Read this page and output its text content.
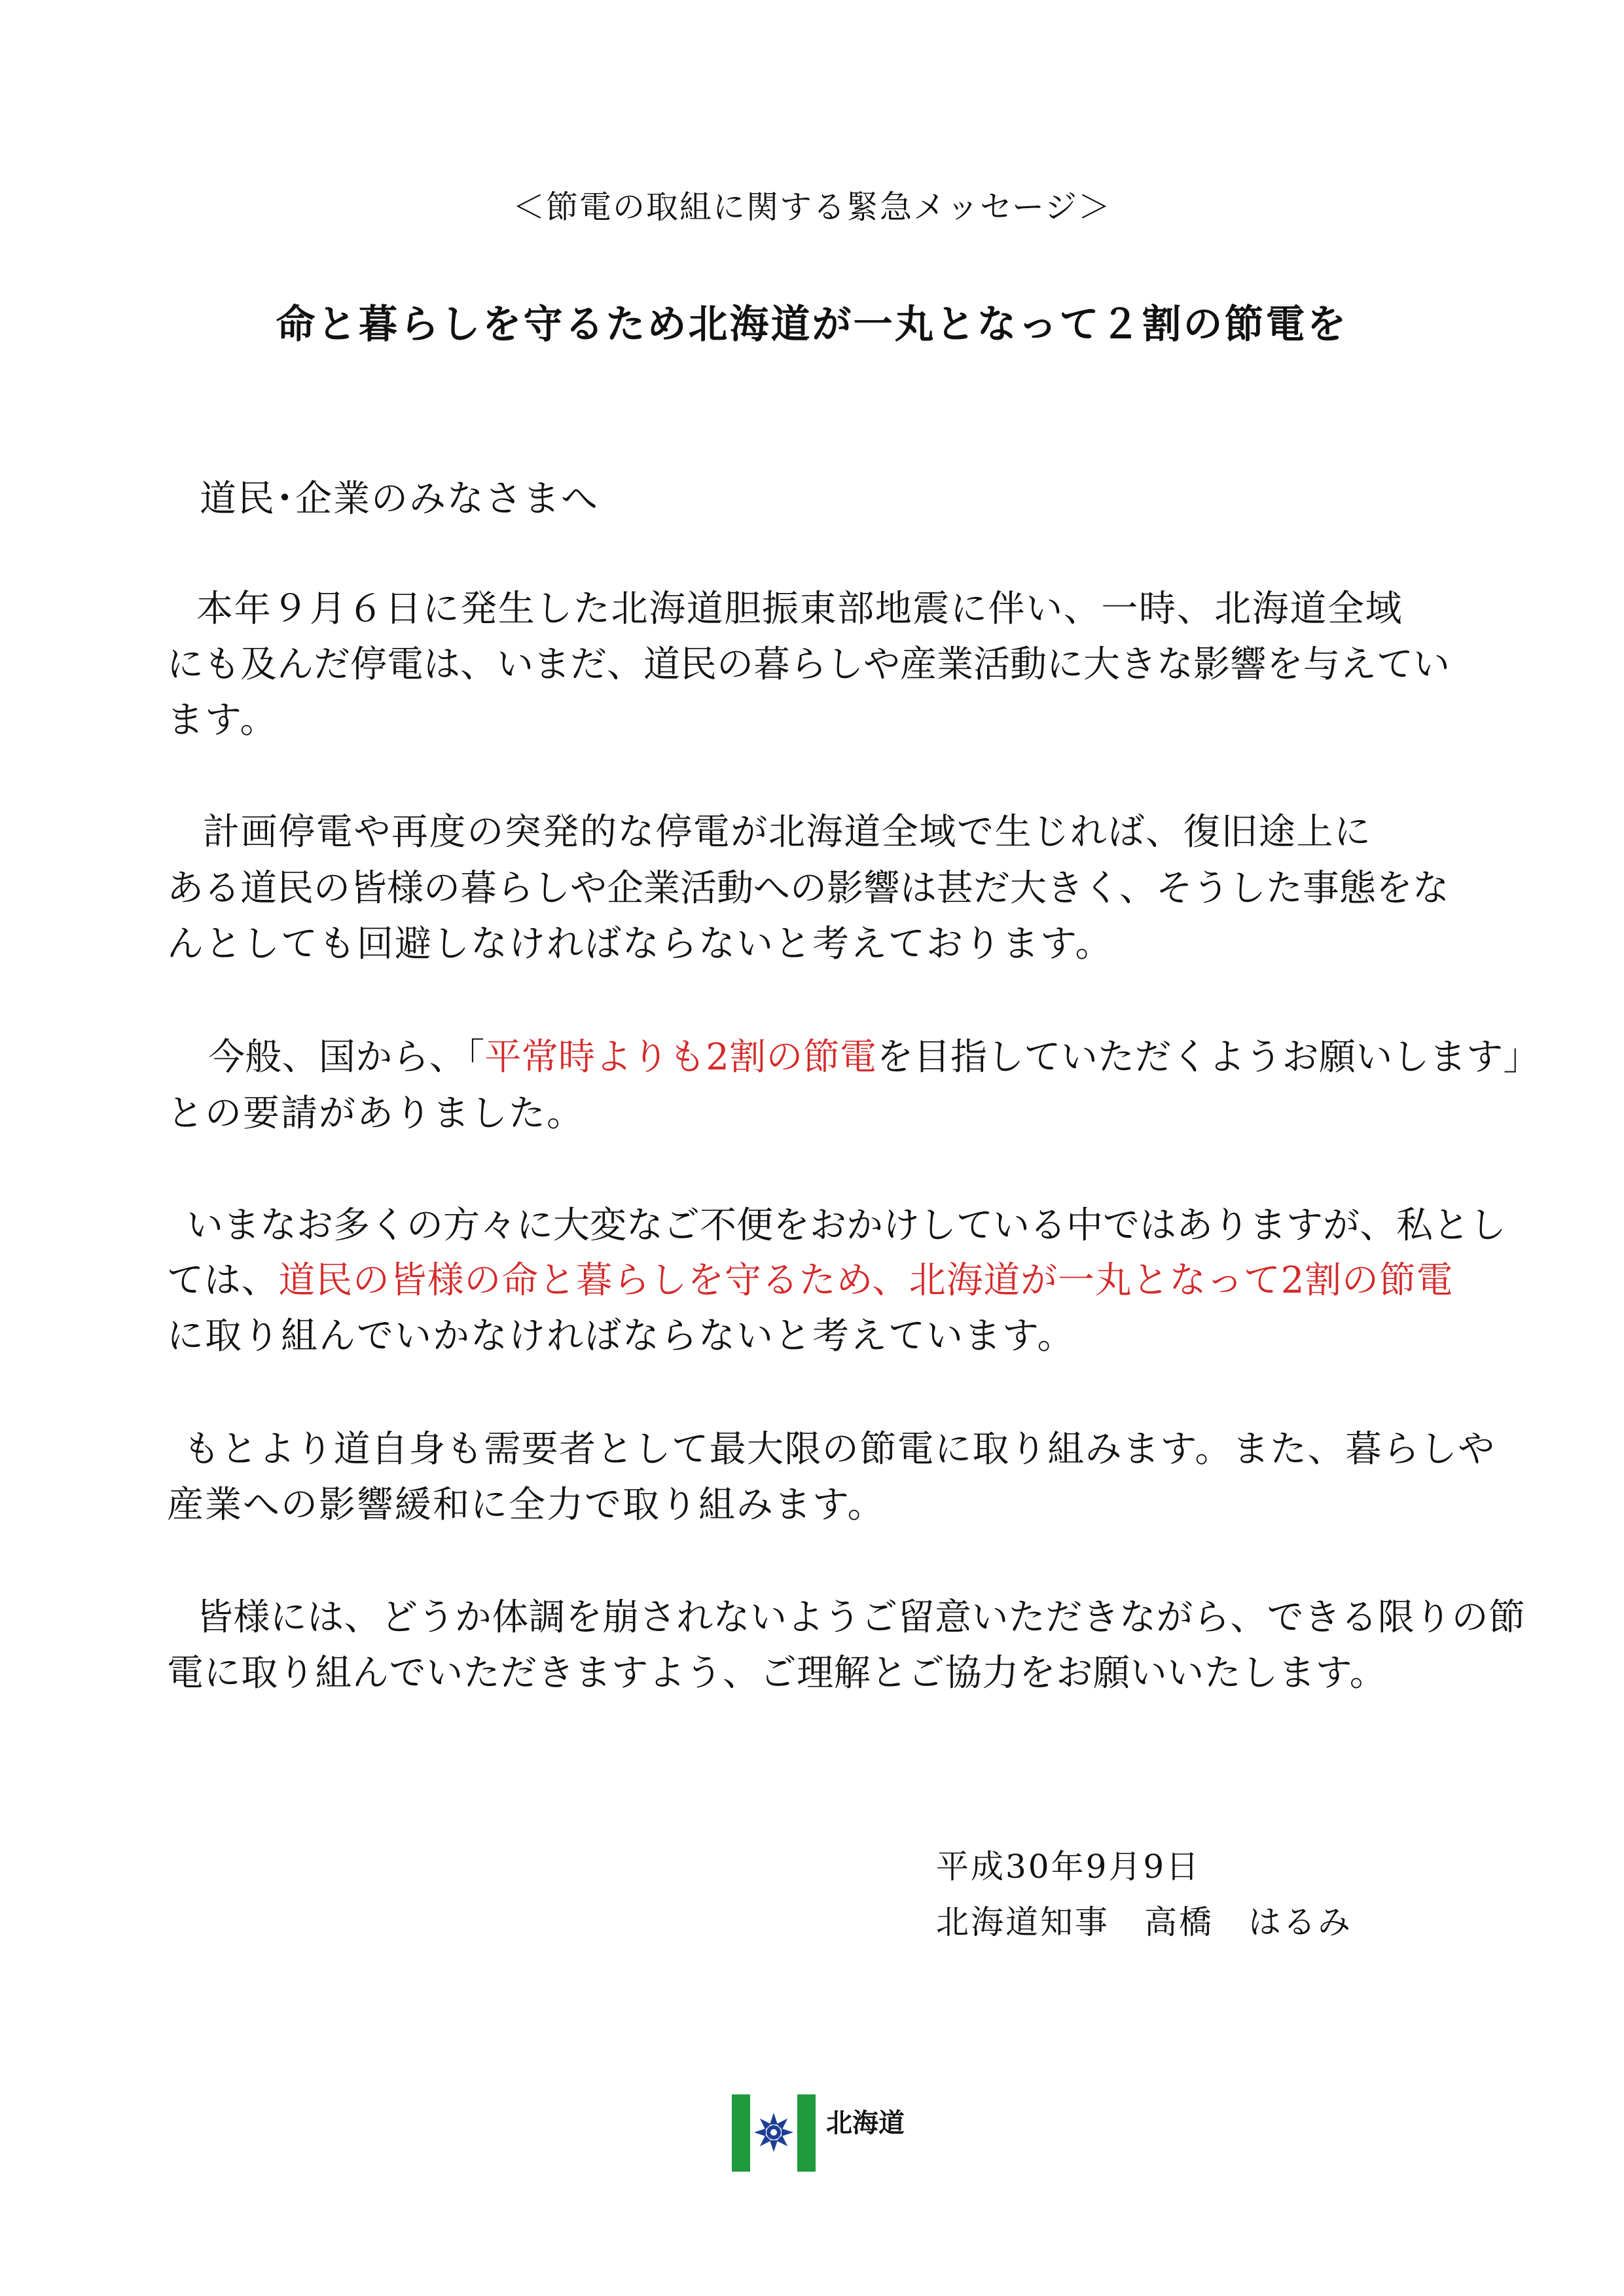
＜節電の取組に関する緊急メッセージ＞
命と暮らしを守るため北海道が一丸となって２割の節電を
道民･企業のみなさまへ
本年９月６日に発生した北海道胆振東部地震に伴い、一時、北海道全域
にも及んだ停電は、いまだ、道民の暮らしや産業活動に大きな影響を与えてい
ます。
計画停電や再度の突発的な停電が北海道全域で生じれば、復旧途上に
ある道民の皆様の暮らしや企業活動への影響は甚だ大きく、そうした事態をな
んとしても回避しなければならないと考えております。
今般、国から、「平常時よりも2割の節電を目指していただくようお願いします」
との要請がありました。
いまなお多くの方々に大変なご不便をおかけしている中ではありますが、私とし
ては、道民の皆様の命と暮らしを守るため、北海道が一丸となって2割の節電
に取り組んでいかなければならないと考えています。
もとより道自身も需要者として最大限の節電に取り組みます。また、暮らしや
産業への影響緩和に全力で取り組みます。
皆様には、どうか体調を崩されないようご留意いただきながら、できる限りの節
電に取り組んでいただきますよう、ご理解とご協力をお願いいたします。
平成30年9月9日
北海道知事　高橋　はるみ
北海道
